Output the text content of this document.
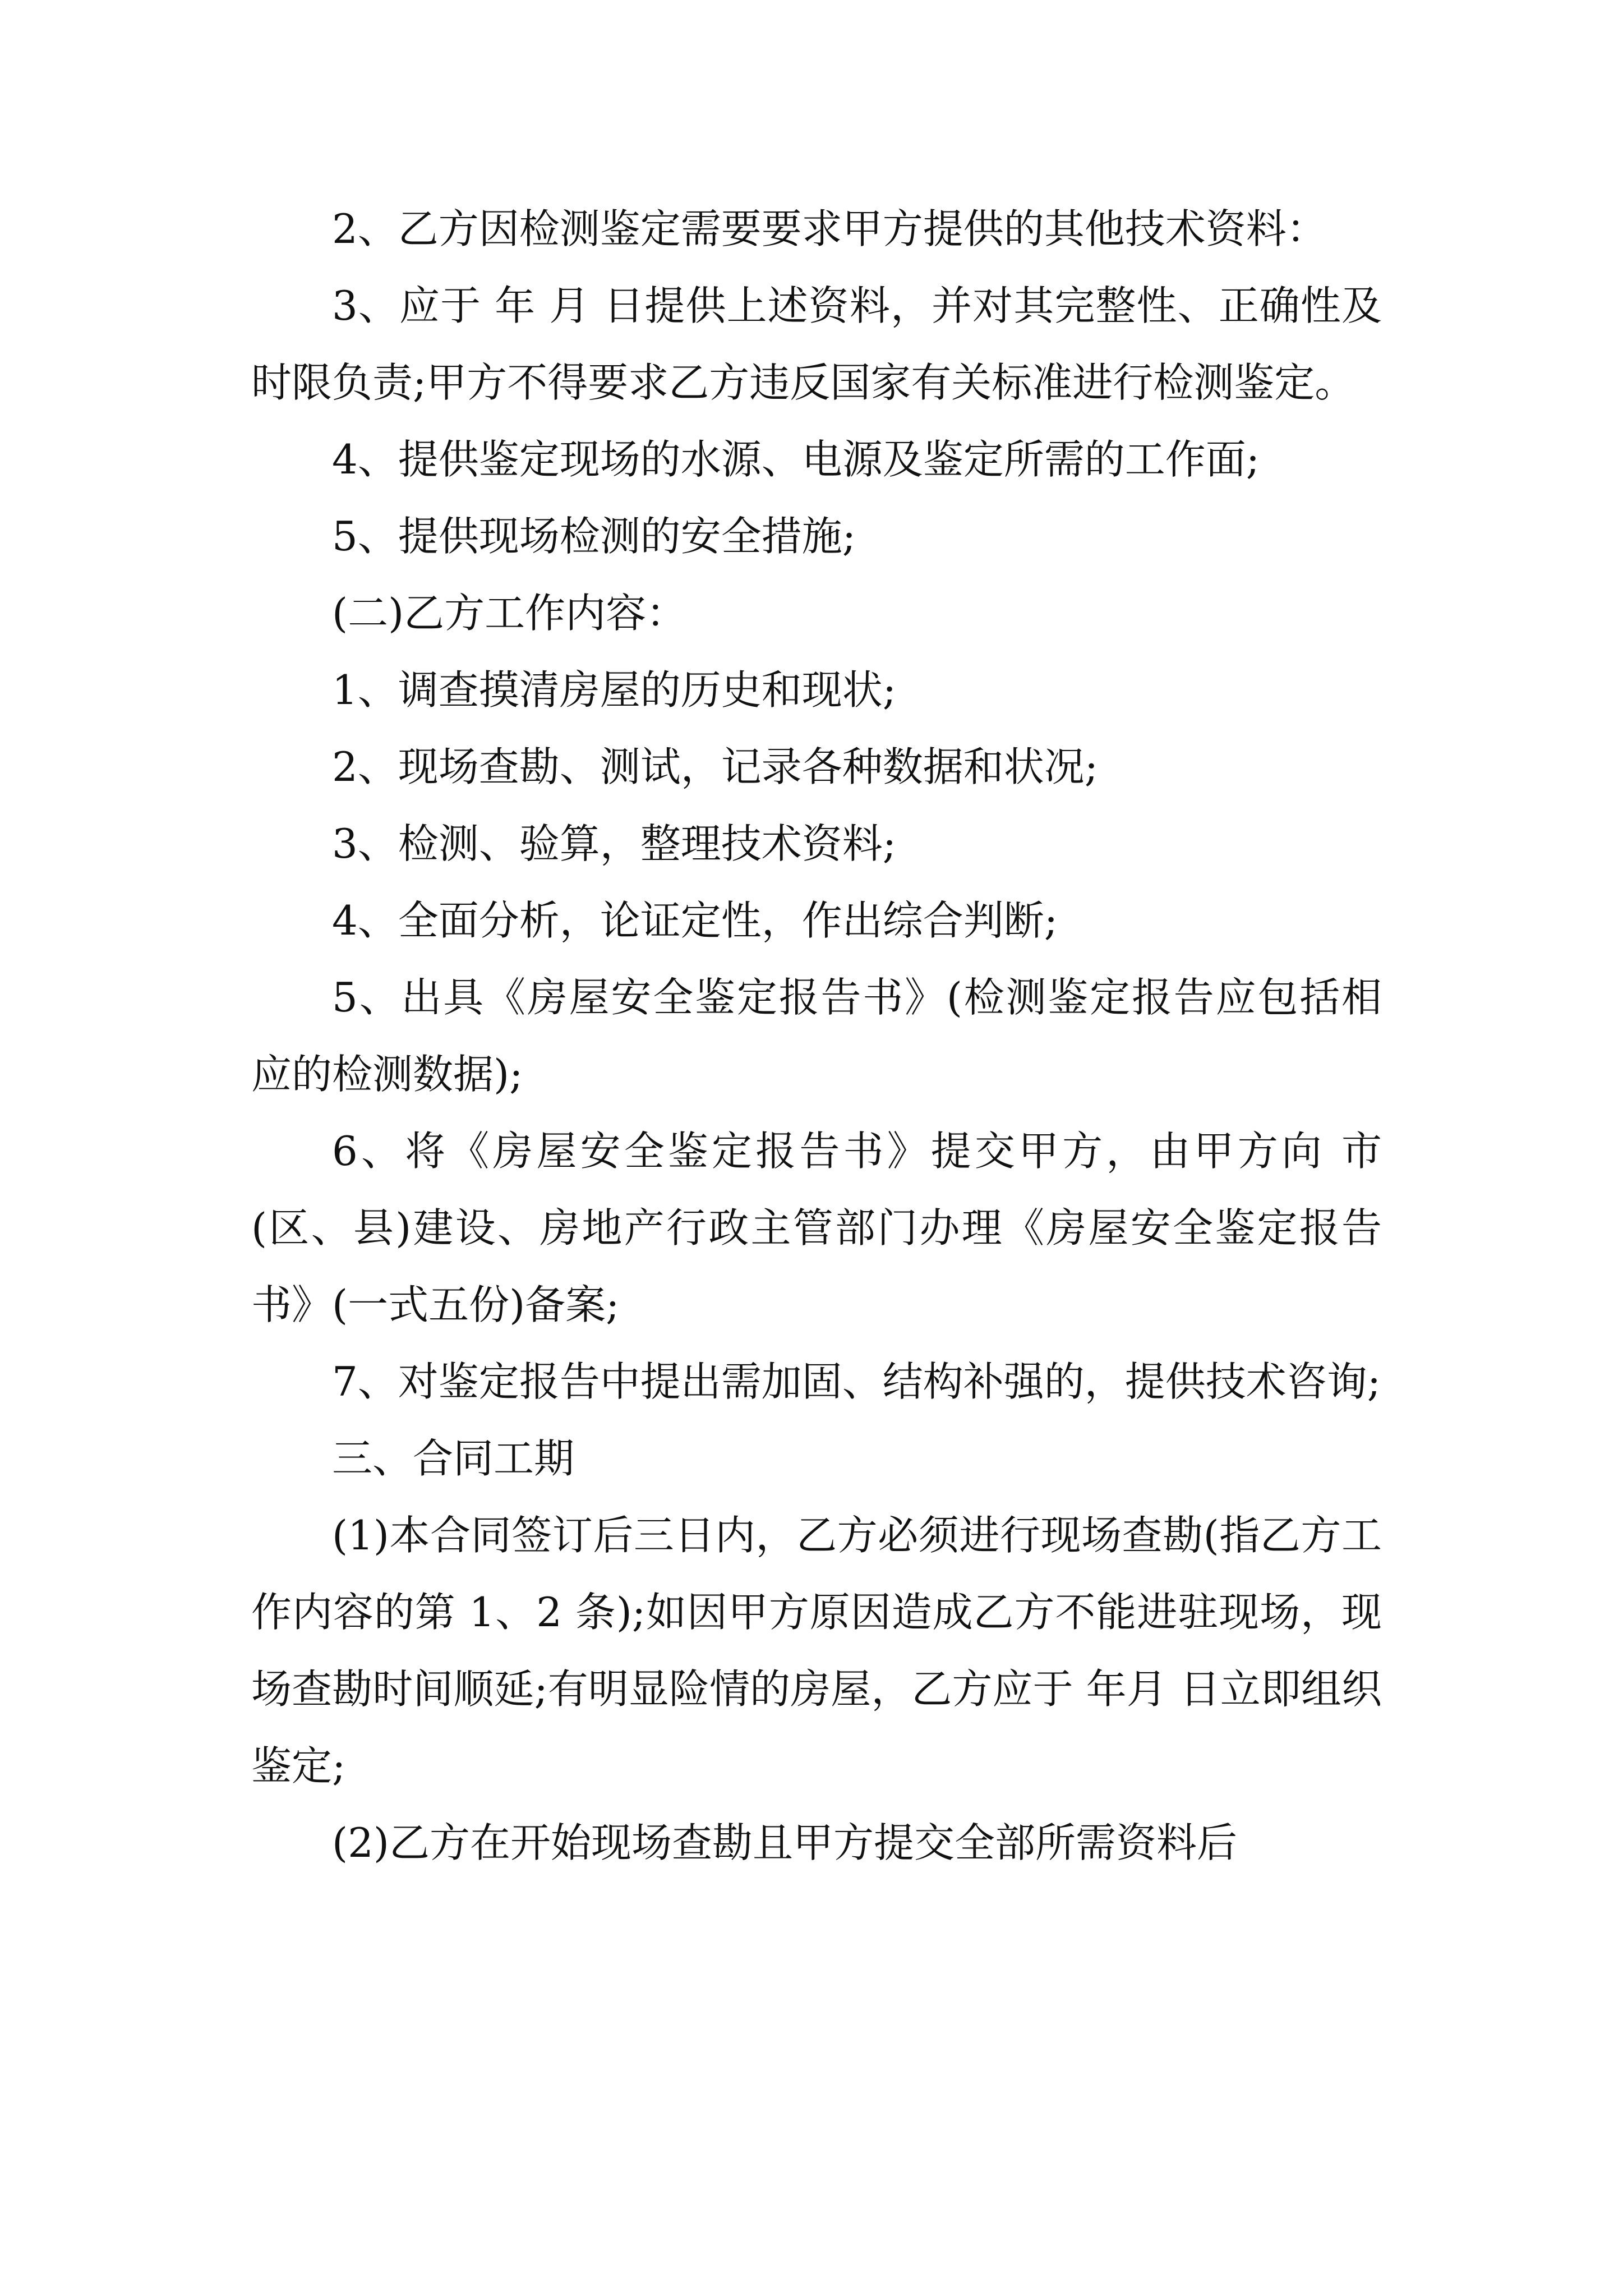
2、乙方因检测鉴定需要要求甲方提供的其他技术资料：

3、应于 年 月 日提供上述资料，并对其完整性、正确性及时限负责;甲方不得要求乙方违反国家有关标准进行检测鉴定。

4、提供鉴定现场的水源、电源及鉴定所需的工作面;

5、提供现场检测的安全措施;

(二)乙方工作内容：

1、调查摸清房屋的历史和现状;

2、现场查勘、测试，记录各种数据和状况;

3、检测、验算，整理技术资料;

4、全面分析，论证定性，作出综合判断;

5、出具《房屋安全鉴定报告书》(检测鉴定报告应包括相应的检测数据);

6、将《房屋安全鉴定报告书》提交甲方，由甲方向 市(区、县)建设、房地产行政主管部门办理《房屋安全鉴定报告书》(一式五份)备案;

7、对鉴定报告中提出需加固、结构补强的，提供技术咨询;

三、合同工期

(1)本合同签订后三日内，乙方必须进行现场查勘(指乙方工作内容的第 1、2 条);如因甲方原因造成乙方不能进驻现场，现场查勘时间顺延;有明显险情的房屋，乙方应于 年月 日立即组织鉴定;

(2)乙方在开始现场查勘且甲方提交全部所需资料后
